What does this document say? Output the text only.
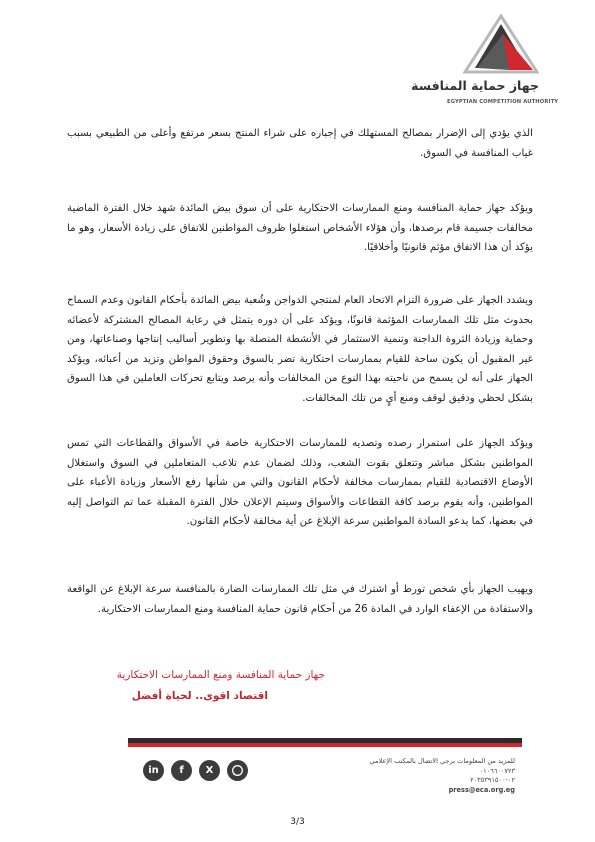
جهاز حماية المنافسة
EGYPTIAN COMPETITION AUTHORITY
الذي يؤدي إلى الإضرار بمصالح المستهلك في إجباره على شراء المنتج بسعر مرتفع وأعلى من الطبيعي بسبب غياب المنافسة في السوق.
ويؤكد جهاز حماية المنافسة ومنع الممارسات الاحتكارية على أن سوق بيض المائدة شهد خلال الفترة الماضية مخالفات جسيمة قام برصدها، وأن هؤلاء الأشخاص استغلوا ظروف المواطنين للاتفاق على زيادة الأسعار، وهو ما يؤكد أن هذا الاتفاق مؤثم قانونيًا وأخلاقيًا.
ويشدد الجهاز على ضرورة التزام الاتحاد العام لمنتجي الدواجن وشُعبة بيض المائدة بأحكام القانون وعدم السماح بحدوث مثل تلك الممارسات المؤثمة قانونًا، ويؤكد على أن دوره يتمثل في رعاية المصالح المشتركة لأعضائه وحماية وزيادة الثروة الداجنة وتنمية الاستثمار في الأنشطة المتصلة بها وتطوير أساليب إنتاجها وصناعاتها، ومن غير المقبول أن يكون ساحة للقيام بممارسات احتكارية تضر بالسوق وحقوق المواطن وتزيد من أعبائه، ويؤكد الجهاز على أنه لن يسمح من ناحيته بهذا النوع من المخالفات وأنه يرصد ويتابع تحركات العاملين في هذا السوق بشكل لحظي ودقيق لوقف ومنع أيٍ من تلك المخالفات.
ويؤكد الجهاز على استمرار رصده وتصديه للممارسات الاحتكارية خاصة في الأسواق والقطاعات التي تمس المواطنين بشكل مباشر وتتعلق بقوت الشعب، وذلك لضمان عدم تلاعب المتعاملين في السوق واستغلال الأوضاع الاقتصادية للقيام بممارسات مخالفة لأحكام القانون والتي من شأنها رفع الأسعار وزيادة الأعباء على المواطنين، وأنه يقوم برصد كافة القطاعات والأسواق وسيتم الإعلان خلال الفترة المقبلة عما تم التواصل إليه في بعضها، كما يدعو السادة المواطنين سرعة الإبلاغ عن أية مخالفة لأحكام القانون.
ويهيب الجهاز بأي شخص تورط أو اشترك في مثل تلك الممارسات الضارة بالمنافسة سرعة الإبلاغ عن الواقعة والاستفادة من الإعفاء الوارد في المادة 26 من أحكام قانون حماية المنافسة ومنع الممارسات الاحتكارية.
جهاز حماية المنافسة ومنع الممارسات الاحتكارية
اقتصاد اقوى.. لحياة أفضل
in	f	X
للمزيد من المعلومات برجي الاتصال بالمكتب الإعلامي
٠١٠٦٦٠٠٧٢٣
٠٢-٢٠٣٥٣٩١٥٠٠
press@eca.org.eg
3/3
